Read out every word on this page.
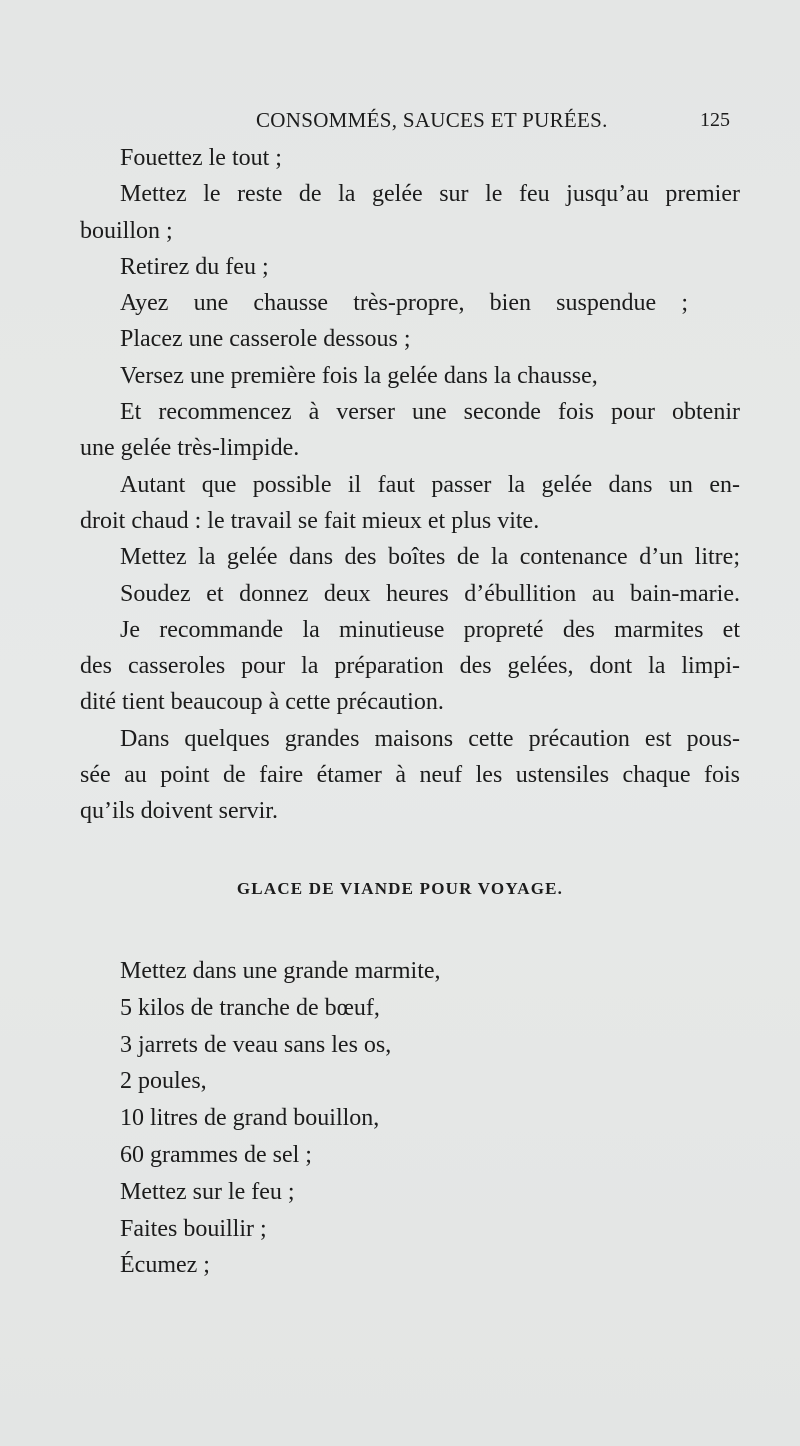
CONSOMMÉS, SAUCES ET PURÉES.	125
Fouettez le tout ;
Mettez le reste de la gelée sur le feu jusqu’au premier
bouillon ;
Retirez du feu ;
Ayez une chausse très-propre, bien suspendue ;
Placez une casserole dessous ;
Versez une première fois la gelée dans la chausse,
Et recommencez à verser une seconde fois pour obtenir
une gelée très-limpide.
Autant que possible il faut passer la gelée dans un en-
droit chaud : le travail se fait mieux et plus vite.
Mettez la gelée dans des boîtes de la contenance d’un litre;
Soudez et donnez deux heures d’ébullition au bain-marie.
Je recommande la minutieuse propreté des marmites et
des casseroles pour la préparation des gelées, dont la limpi-
dité tient beaucoup à cette précaution.
Dans quelques grandes maisons cette précaution est pous-
sée au point de faire étamer à neuf les ustensiles chaque fois
qu’ils doivent servir.
GLACE DE VIANDE POUR VOYAGE.
Mettez dans une grande marmite,
5 kilos de tranche de bœuf,
3 jarrets de veau sans les os,
2 poules,
10 litres de grand bouillon,
60 grammes de sel ;
Mettez sur le feu ;
Faites bouillir ;
Écumez ;
